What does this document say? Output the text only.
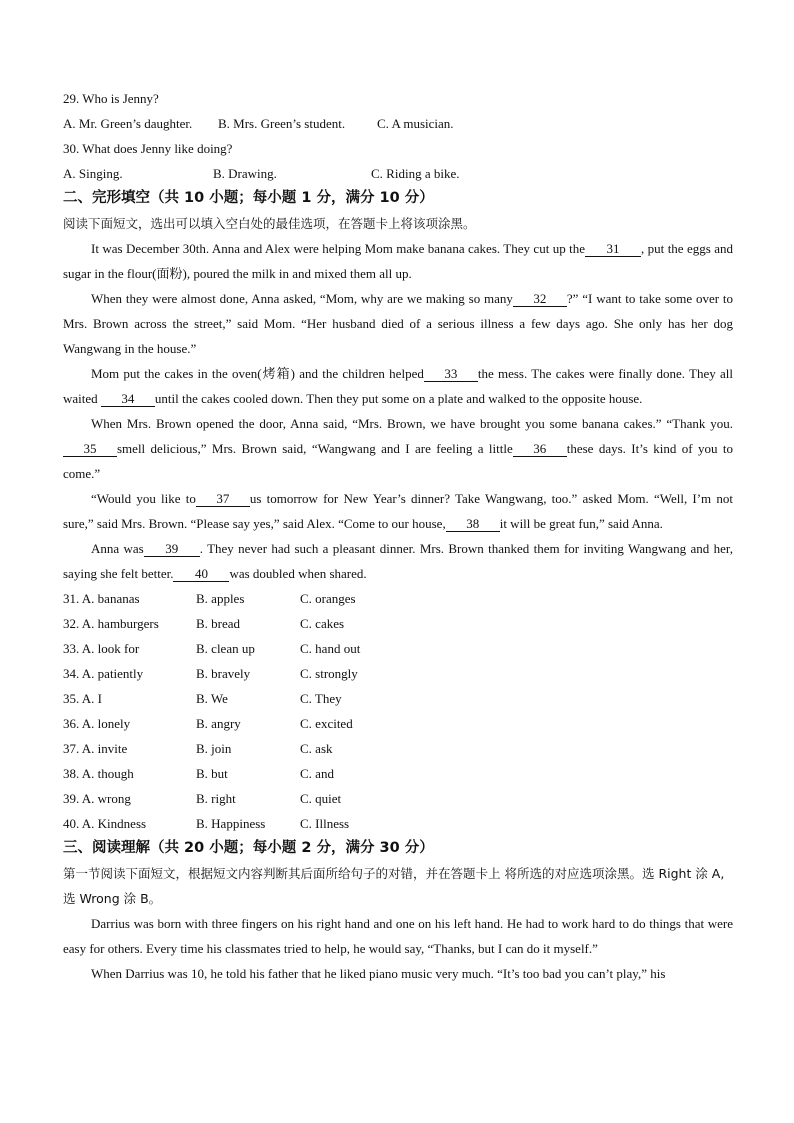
29. Who is Jenny?
A. Mr. Green’s daughter. B. Mrs. Green’s student. C. A musician.
30. What does Jenny like doing?
A. Singing.	B. Drawing.	C. Riding a bike.
二、完形填空（共 10 小题；每小题 1 分，满分 10 分）
阅读下面短文，选出可以填入空白处的最佳选项，在答题卡上将该项涂黑。
It was December 30th. Anna and Alex were helping Mom make banana cakes. They cut up the 31 , put the eggs and sugar in the flour(面粉), poured the milk in and mixed them all up.
When they were almost done, Anna asked, “Mom, why are we making so many 32 ?” “I want to take some over to Mrs. Brown across the street,” said Mom. “Her husband died of a serious illness a few days ago. She only has her dog Wangwang in the house.”
Mom put the cakes in the oven(烤箱) and the children helped 33 the mess. The cakes were finally done. They all waited 34 until the cakes cooled down. Then they put some on a plate and walked to the opposite house.
When Mrs. Brown opened the door, Anna said, “Mrs. Brown, we have brought you some banana cakes.” “Thank you. 35 smell delicious,” Mrs. Brown said, “Wangwang and I are feeling a little 36 these days. It’s kind of you to come.”
“Would you like to 37 us tomorrow for New Year’s dinner? Take Wangwang, too.” asked Mom. “Well, I’m not sure,” said Mrs. Brown. “Please say yes,” said Alex. “Come to our house, 38 it will be great fun,” said Anna.
Anna was 39 . They never had such a pleasant dinner. Mrs. Brown thanked them for inviting Wangwang and her, saying she felt better. 40 was doubled when shared.
31. A. bananas	B. apples	C. oranges
32. A. hamburgers	B. bread	C. cakes
33. A. look for	B. clean up	C. hand out
34. A. patiently	B. bravely	C. strongly
35. A. I	B. We	C. They
36. A. lonely	B. angry	C. excited
37. A. invite	B. join	C. ask
38. A. though	B. but	C. and
39. A. wrong	B. right	C. quiet
40. A. Kindness	B. Happiness	C. Illness
三、阅读理解（共 20 小题；每小题 2 分，满分 30 分）
第一节阅读下面短文，根据短文内容判断其后面所给句子的对错，并在答题卡上 将所选的对应选项涂黑。选 Right 涂 A,选 Wrong 涂 B。
Darrius was born with three fingers on his right hand and one on his left hand. He had to work hard to do things that were easy for others. Every time his classmates tried to help, he would say, “Thanks, but I can do it myself.”
When Darrius was 10, he told his father that he liked piano music very much. “It’s too bad you can’t play,” his
